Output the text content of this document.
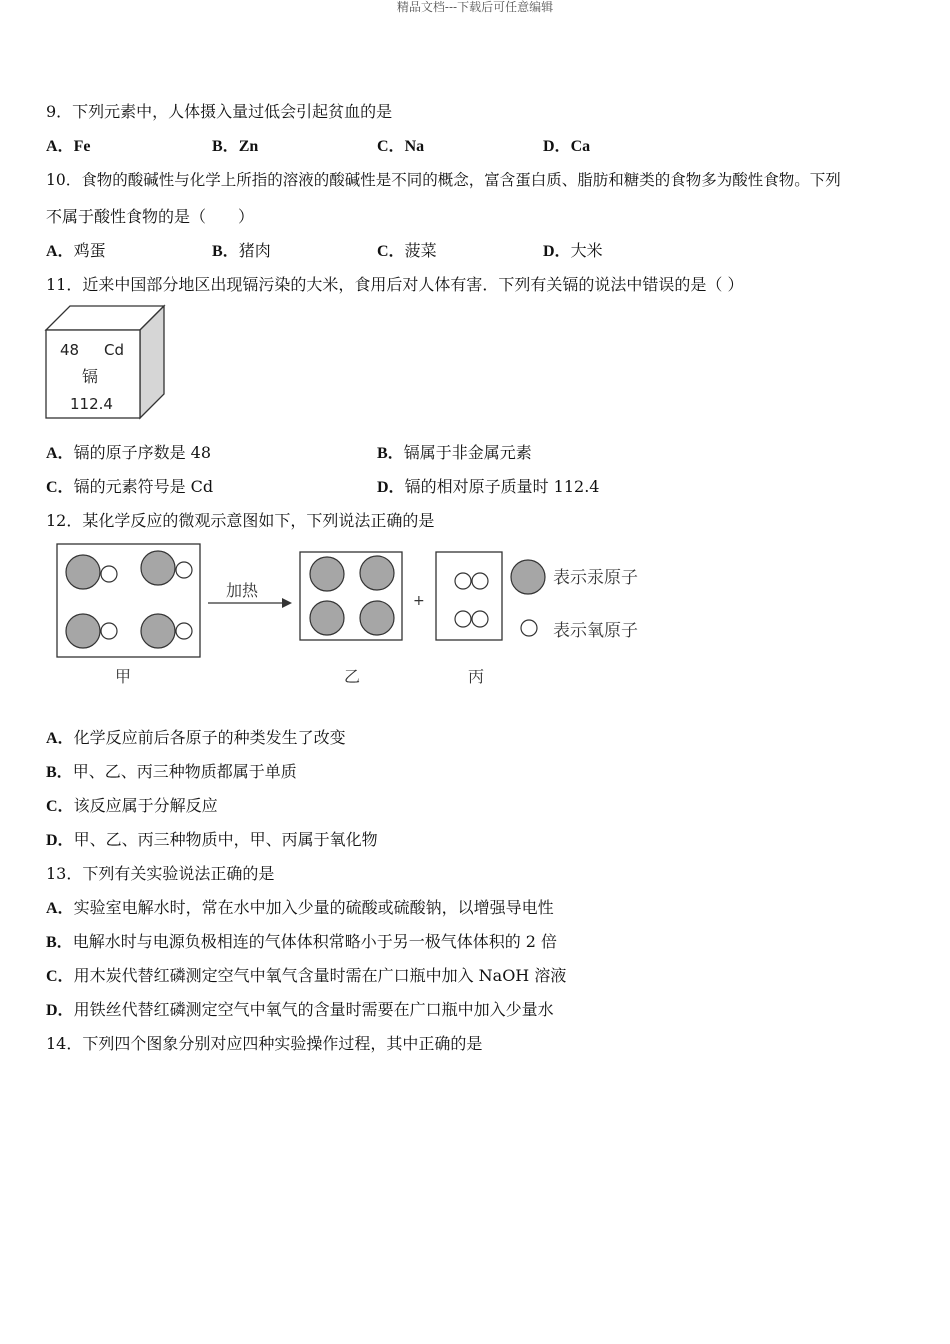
精品文档---下载后可任意编辑
9．下列元素中，人体摄入量过低会引起贫血的是
A．Fe	B．Zn	C．Na	D．Ca
10．食物的酸碱性与化学上所指的溶液的酸碱性是不同的概念，富含蛋白质、脂肪和糖类的食物多为酸性食物。下列
不属于酸性食物的是（　　）
A．鸡蛋	B．猪肉	C．菠菜	D．大米
11．近来中国部分地区出现镉污染的大米，食用后对人体有害．下列有关镉的说法中错误的是（ ）
48 Cd
镉
112.4
A．镉的原子序数是 48	B．镉属于非金属元素
C．镉的元素符号是 Cd	D．镉的相对原子质量时 112.4
12．某化学反应的微观示意图如下，下列说法正确的是
加热
+
表示汞原子
表示氧原子
甲	乙	丙
A．化学反应前后各原子的种类发生了改变
B．甲、乙、丙三种物质都属于单质
C．该反应属于分解反应
D．甲、乙、丙三种物质中，甲、丙属于氧化物
13．下列有关实验说法正确的是
A．实验室电解水时，常在水中加入少量的硫酸或硫酸钠，以增强导电性
B．电解水时与电源负极相连的气体体积常略小于另一极气体体积的 2 倍
C．用木炭代替红磷测定空气中氧气含量时需在广口瓶中加入 NaOH 溶液
D．用铁丝代替红磷测定空气中氧气的含量时需要在广口瓶中加入少量水
14．下列四个图象分别对应四种实验操作过程，其中正确的是
